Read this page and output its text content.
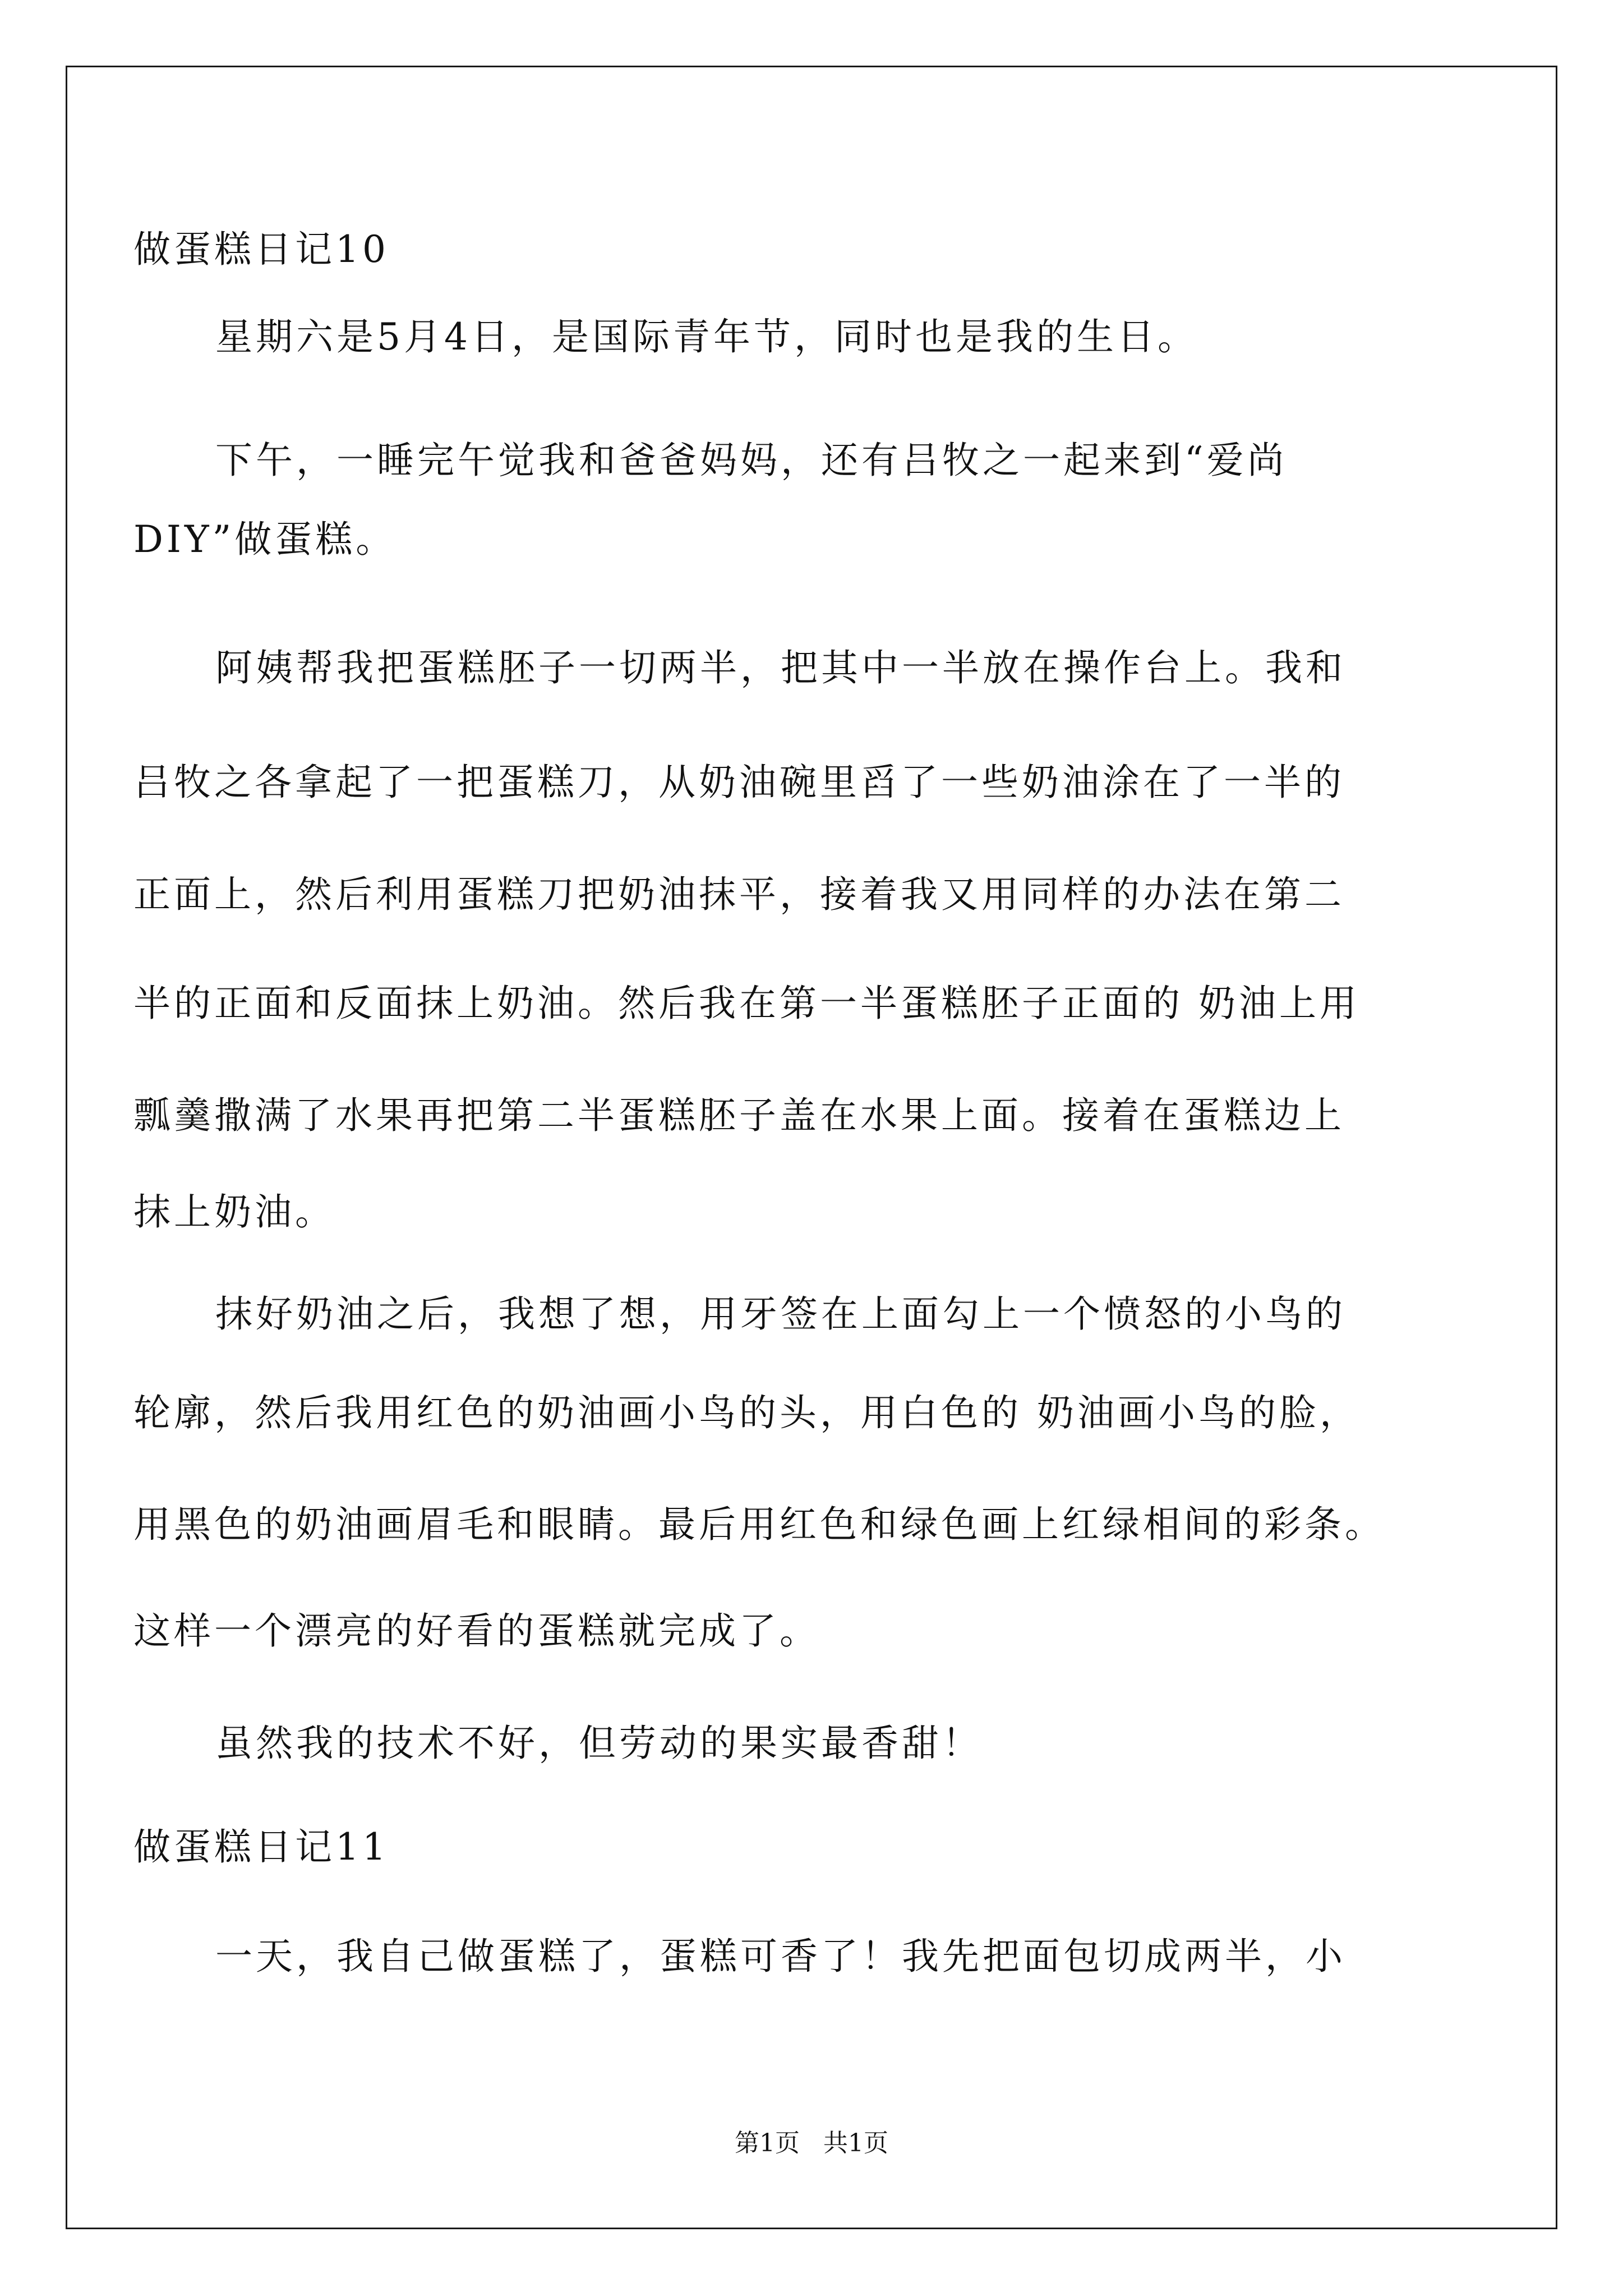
做蛋糕日记10
星期六是5月4日，是国际青年节，同时也是我的生日。
下午，一睡完午觉我和爸爸妈妈，还有吕牧之一起来到“爱尚
DIY”做蛋糕。
阿姨帮我把蛋糕胚子一切两半，把其中一半放在操作台上。我和
吕牧之各拿起了一把蛋糕刀，从奶油碗里舀了一些奶油涂在了一半的
正面上，然后利用蛋糕刀把奶油抹平，接着我又用同样的办法在第二
半的正面和反面抹上奶油。然后我在第一半蛋糕胚子正面的 奶油上用
瓢羹撒满了水果再把第二半蛋糕胚子盖在水果上面。接着在蛋糕边上
抹上奶油。
抹好奶油之后，我想了想，用牙签在上面勾上一个愤怒的小鸟的
轮廓，然后我用红色的奶油画小鸟的头，用白色的 奶油画小鸟的脸，
用黑色的奶油画眉毛和眼睛。最后用红色和绿色画上红绿相间的彩条。
这样一个漂亮的好看的蛋糕就完成了。
虽然我的技术不好，但劳动的果实最香甜！
做蛋糕日记11
一天，我自己做蛋糕了，蛋糕可香了！我先把面包切成两半，小
第1页   共1页
